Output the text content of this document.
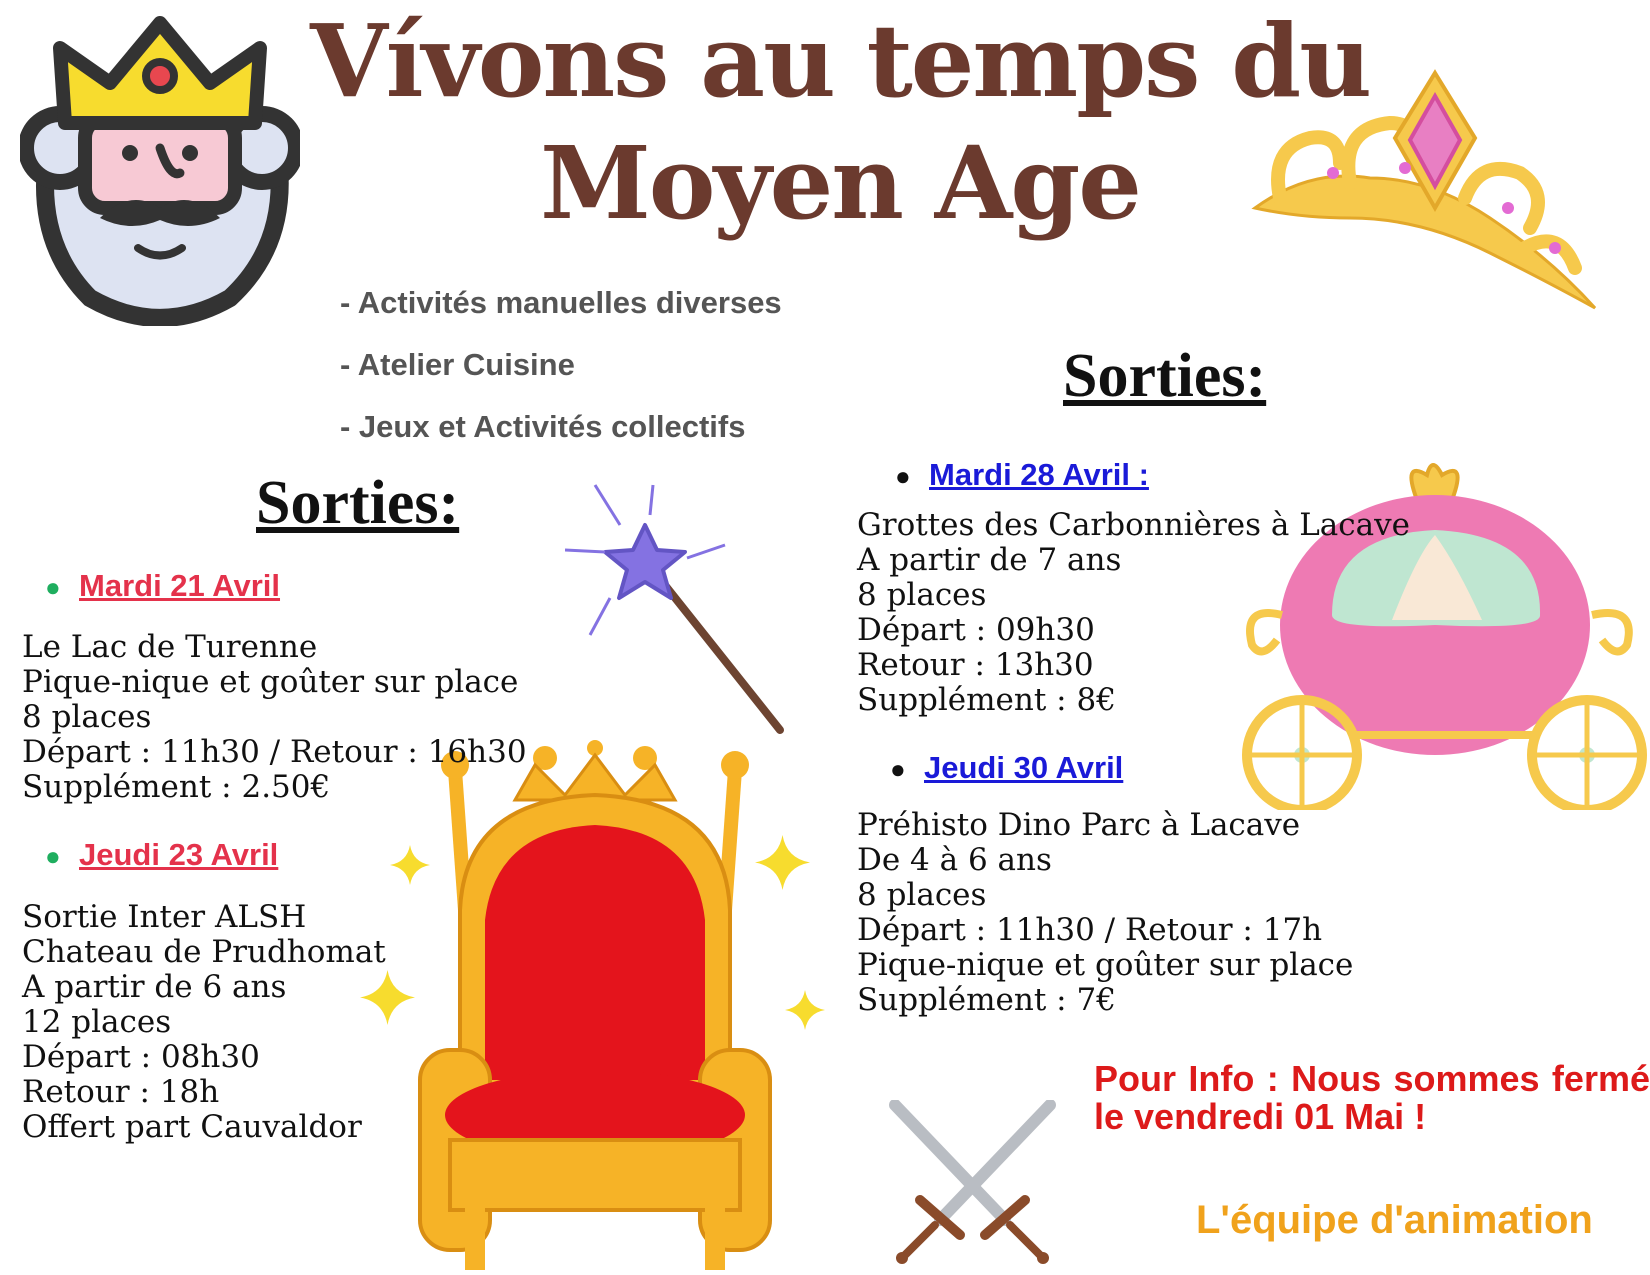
Vívons au temps du
Moyen Age
- Activités manuelles diverses
- Atelier Cuisine
- Jeux et Activités collectifs
Sorties:
Sorties:
● Mardi 21 Avril
Le Lac de Turenne
Pique-nique et goûter sur place
8 places
Départ : 11h30 / Retour : 16h30
Supplément : 2.50€
● Jeudi 23 Avril
Sortie Inter ALSH
Chateau de Prudhomat
A partir de 6 ans
12 places
Départ : 08h30
Retour : 18h
Offert part Cauvaldor
● Mardi 28 Avril :
Grottes des Carbonnières à Lacave
A partir de 7 ans
8 places
Départ : 09h30
Retour : 13h30
Supplément : 8€
● Jeudi 30 Avril
Préhisto Dino Parc à Lacave
De 4 à 6 ans
8 places
Départ : 11h30 / Retour : 17h
Pique-nique et goûter sur place
Supplément : 7€
Pour Info : Nous sommes fermé le vendredi 01 Mai !
L'équipe d'animation
